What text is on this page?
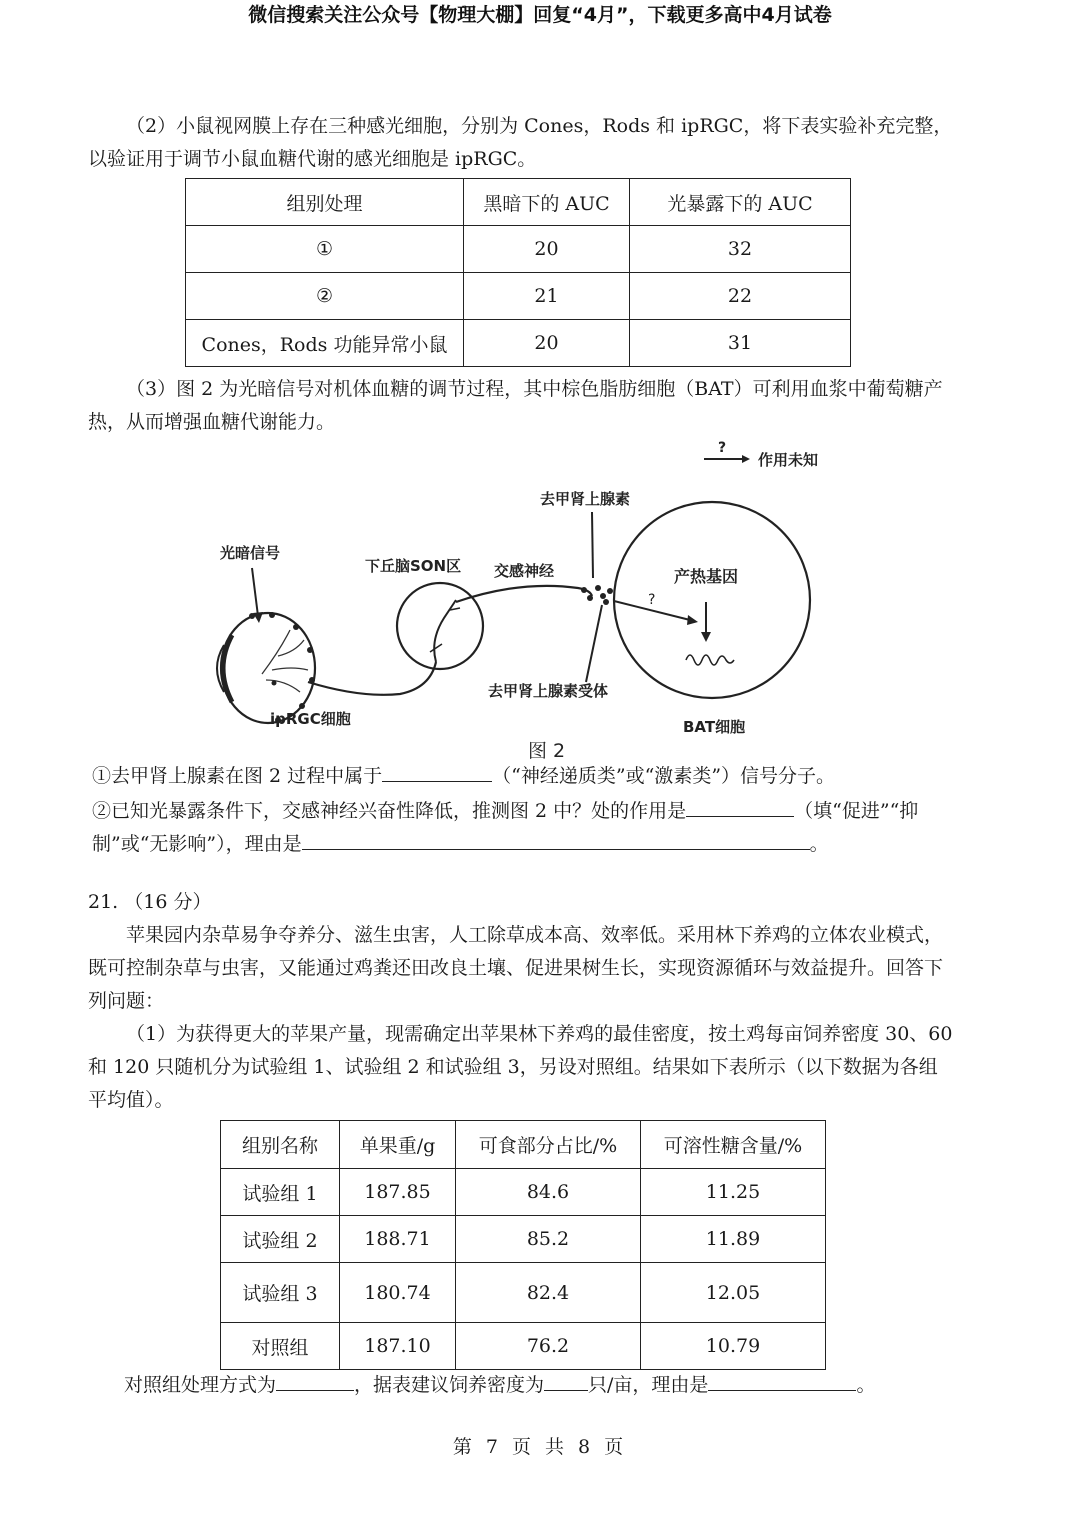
微信搜索关注公众号【物理大棚】回复“4月”，下载更多高中4月试卷

（2）小鼠视网膜上存在三种感光细胞，分别为 Cones，Rods 和 ipRGC，将下表实验补充完整，以验证用于调节小鼠血糖代谢的感光细胞是 ipRGC。

组别处理	黑暗下的 AUC	光暴露下的 AUC
①	20	32
②	21	22
Cones，Rods 功能异常小鼠	20	31

（3）图 2 为光暗信号对机体血糖的调节过程，其中棕色脂肪细胞（BAT）可利用血浆中葡萄糖产热，从而增强血糖代谢能力。

?
作用未知
光暗信号
ipRGC细胞
下丘脑SON区 交感神经
去甲肾上腺素
去甲肾上腺素受体
BAT细胞
产热基因
?
图 2

①去甲肾上腺素在图 2 过程中属于	（“神经递质类”或“激素类”）信号分子。

②已知光暴露条件下，交感神经兴奋性降低，推测图 2 中？处的作用是	（填“促进”“抑制”或“无影响”），理由是	。

21. （16 分）

苹果园内杂草易争夺养分、滋生虫害，人工除草成本高、效率低。采用林下养鸡的立体农业模式，既可控制杂草与虫害，又能通过鸡粪还田改良土壤、促进果树生长，实现资源循环与效益提升。回答下列问题：

（1）为获得更大的苹果产量，现需确定出苹果林下养鸡的最佳密度，按土鸡每亩饲养密度 30、60 和 120 只随机分为试验组 1、试验组 2 和试验组 3，另设对照组。结果如下表所示（以下数据为各组平均值）。

组别名称	单果重/g	可食部分占比/%	可溶性糖含量/%
试验组 1	187.85	84.6	11.25
试验组 2	188.71	85.2	11.89
试验组 3	180.74	82.4	12.05
对照组	187.10	76.2	10.79

对照组处理方式为	，据表建议饲养密度为 只/亩，理由是	。

第 7 页 共 8 页
